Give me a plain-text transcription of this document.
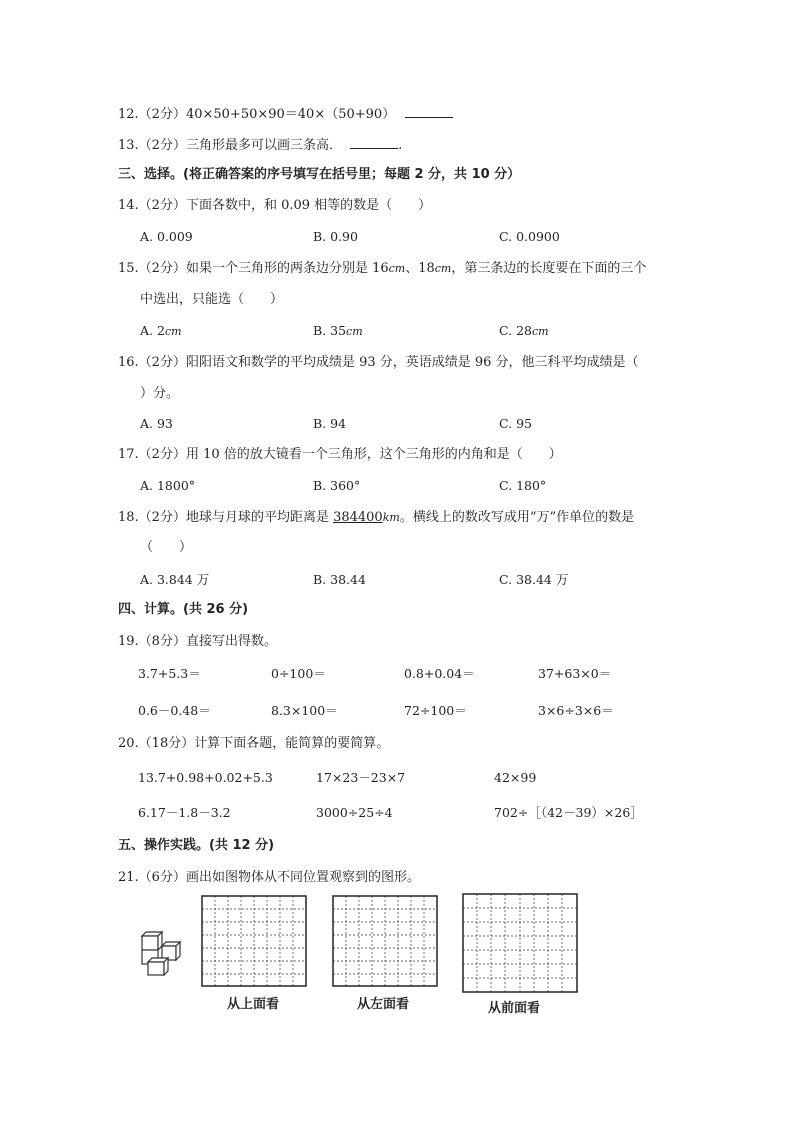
12.（2分）40×50+50×90＝40×（50+90）
13.（2分）三角形最多可以画三条高．	.
三、选择。(将正确答案的序号填写在括号里；每题 2 分，共 10 分）
14.（2分）下面各数中，和 0.09 相等的数是（　　）
A. 0.009	B. 0.90	C. 0.0900
15.（2分）如果一个三角形的两条边分别是 16cm、18cm，第三条边的长度要在下面的三个
中选出，只能选（　　）
A. 2cm	B. 35cm	C. 28cm
16.（2分）阳阳语文和数学的平均成绩是 93 分，英语成绩是 96 分，他三科平均成绩是（
）分。
A. 93	B. 94	C. 95
17.（2分）用 10 倍的放大镜看一个三角形，这个三角形的内角和是（　　）
A. 1800°	B. 360°	C. 180°
18.（2分）地球与月球的平均距离是 384400km。横线上的数改写成用“万”作单位的数是
（　　）
A. 3.844 万	B. 38.44	C. 38.44 万
四、计算。(共 26 分)
19.（8分）直接写出得数。
3.7+5.3＝	0÷100＝	0.8+0.04＝	37+63×0＝
0.6－0.48＝	8.3×100＝	72÷100＝	3×6÷3×6＝
20.（18分）计算下面各题，能简算的要简算。
13.7+0.98+0.02+5.3	17×23－23×7	42×99
6.17－1.8－3.2	3000÷25÷4	702÷［（42－39）×26］
五、操作实践。(共 12 分)
21.（6分）画出如图物体从不同位置观察到的图形。
从上面看	从左面看	从前面看
